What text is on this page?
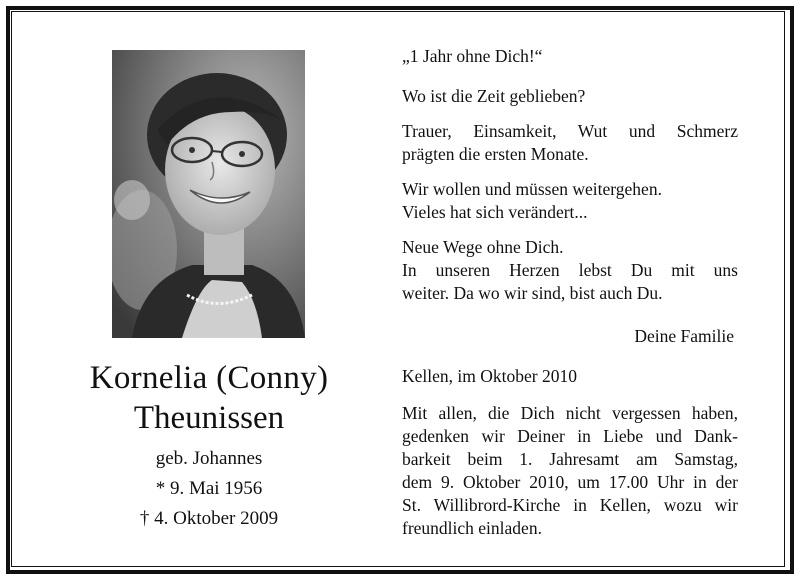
Kornelia (Conny)
Theunissen
geb. Johannes
* 9. Mai 1956
† 4. Oktober 2009
„1 Jahr ohne Dich!“
Wo ist die Zeit geblieben?
Trauer, Einsamkeit, Wut und Schmerz
prägten die ersten Monate.
Wir wollen und müssen weitergehen.
Vieles hat sich verändert...
Neue Wege ohne Dich.
In unseren Herzen lebst Du mit uns
weiter. Da wo wir sind, bist auch Du.
Deine Familie
Kellen, im Oktober 2010
Mit allen, die Dich nicht vergessen haben,
gedenken wir Deiner in Liebe und Dank-
barkeit beim 1. Jahresamt am Samstag,
dem 9. Oktober 2010, um 17.00 Uhr in der
St. Willibrord-Kirche in Kellen, wozu wir
freundlich einladen.
